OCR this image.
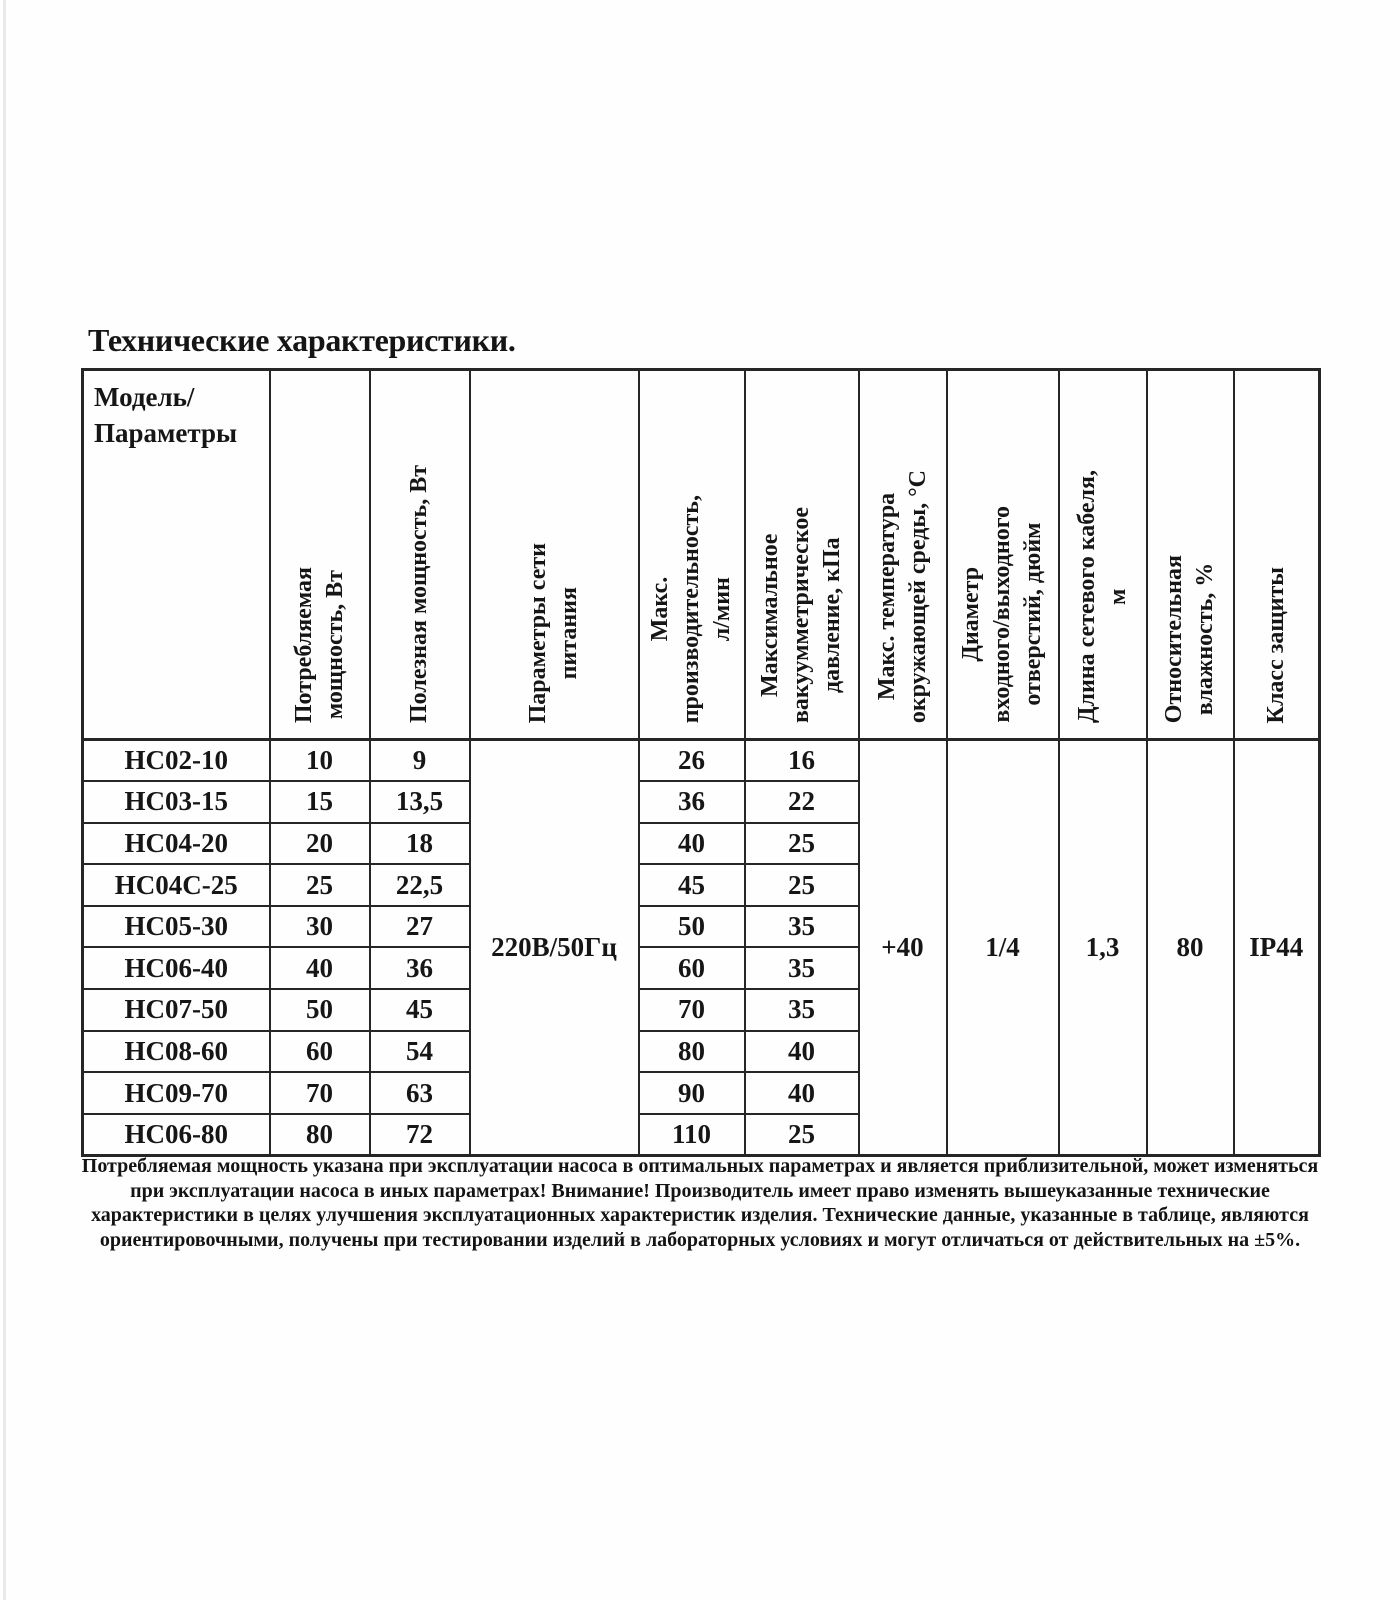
Технические характеристики.
Модель/
Параметры

Потребляемая мощность, Вт	Полезная мощность, Вт	Параметры сети питания	Макс. производительность, л/мин	Максимальное вакуумметрическое давление, кПа	Макс. температура окружающей среды, °С	Диаметр входного/выходного отверстий, дюйм	Длина сетевого кабеля, м	Относительная влажность, %	Класс защиты

НС02-10	10	9	220В/50Гц	26	16	+40	1/4	1,3	80	IP44
НС03-15	15	13,5		36	22					
НС04-20	20	18		40	25					
НС04С-25	25	22,5		45	25					
НС05-30	30	27		50	35					
НС06-40	40	36		60	35					
НС07-50	50	45		70	35					
НС08-60	60	54		80	40					
НС09-70	70	63		90	40					
НС06-80	80	72		110	25					
Потребляемая мощность указана при эксплуатации насоса в оптимальных параметрах и является приблизительной, может изменяться
при эксплуатации насоса в иных параметрах! Внимание! Производитель имеет право изменять вышеуказанные технические
характеристики в целях улучшения эксплуатационных характеристик изделия. Технические данные, указанные в таблице, являются
ориентировочными, получены при тестировании изделий в лабораторных условиях и могут отличаться от действительных на ±5%.
